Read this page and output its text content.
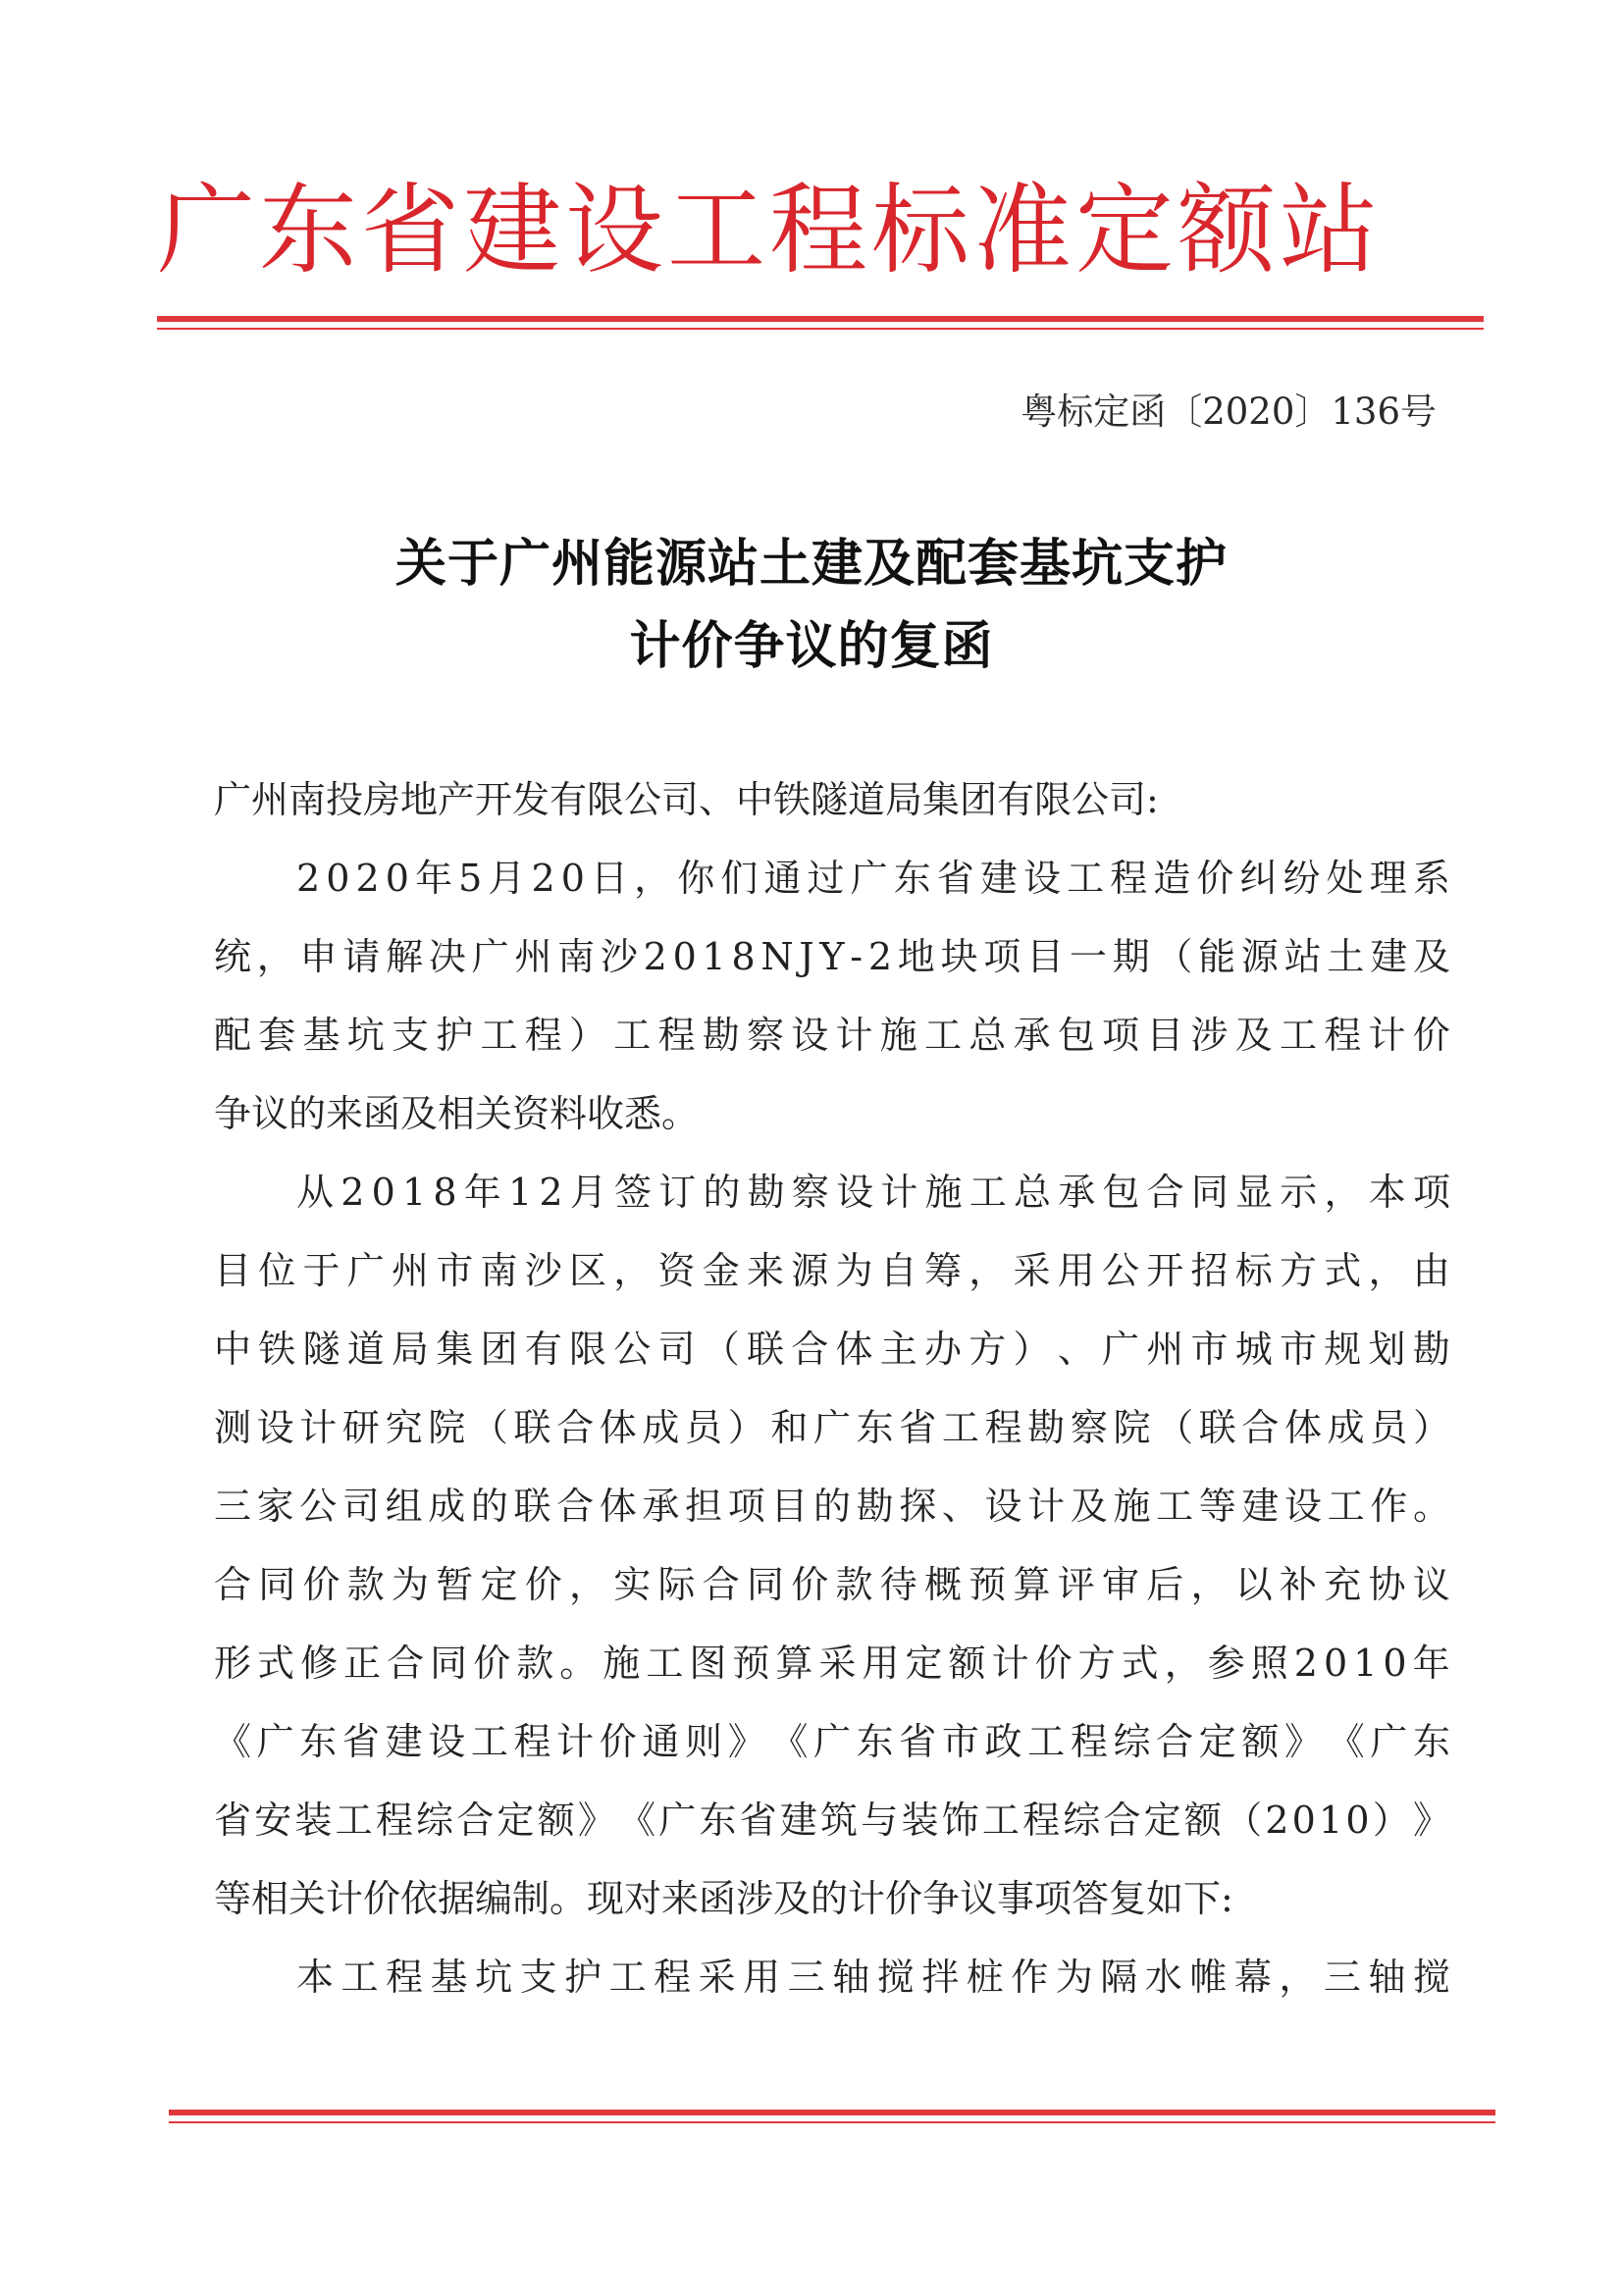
广东省建设工程标准定额站
粤标定函〔2020〕136号
关于广州能源站土建及配套基坑支护
计价争议的复函
广州南投房地产开发有限公司、中铁隧道局集团有限公司:
2 0 2 0 年 5 月 2 0 日 ， 你 们 通 过 广 东 省 建 设 工 程 造 价 纠 纷 处 理 系
统 ， 申 请 解 决 广 州 南 沙 2 0 1 8 N J Y - 2 地 块 项 目 一 期 （ 能 源 站 土 建 及
配 套 基 坑 支 护 工 程 ） 工 程 勘 察 设 计 施 工 总 承 包 项 目 涉 及 工 程 计 价
争议的来函及相关资料收悉。
从 2 0 1 8 年 1 2 月 签 订 的 勘 察 设 计 施 工 总 承 包 合 同 显 示 ， 本 项
目 位 于 广 州 市 南 沙 区 ， 资 金 来 源 为 自 筹 ， 采 用 公 开 招 标 方 式 ， 由
中 铁 隧 道 局 集 团 有 限 公 司 （ 联 合 体 主 办 方 ） 、 广 州 市 城 市 规 划 勘
测 设 计 研 究 院 （ 联 合 体 成 员 ） 和 广 东 省 工 程 勘 察 院 （ 联 合 体 成 员 ）
三 家 公 司 组 成 的 联 合 体 承 担 项 目 的 勘 探 、 设 计 及 施 工 等 建 设 工 作 。
合 同 价 款 为 暂 定 价 ， 实 际 合 同 价 款 待 概 预 算 评 审 后 ， 以 补 充 协 议
形 式 修 正 合 同 价 款 。 施 工 图 预 算 采 用 定 额 计 价 方 式 ， 参 照 2 0 1 0 年
《 广 东 省 建 设 工 程 计 价 通 则 》 《 广 东 省 市 政 工 程 综 合 定 额 》 《 广 东
省 安 装 工 程 综 合 定 额 》 《 广 东 省 建 筑 与 装 饰 工 程 综 合 定 额 （ 2 0 1 0 ） 》
等相关计价依据编制。现对来函涉及的计价争议事项答复如下:
本 工 程 基 坑 支 护 工 程 采 用 三 轴 搅 拌 桩 作 为 隔 水 帷 幕 ， 三 轴 搅
